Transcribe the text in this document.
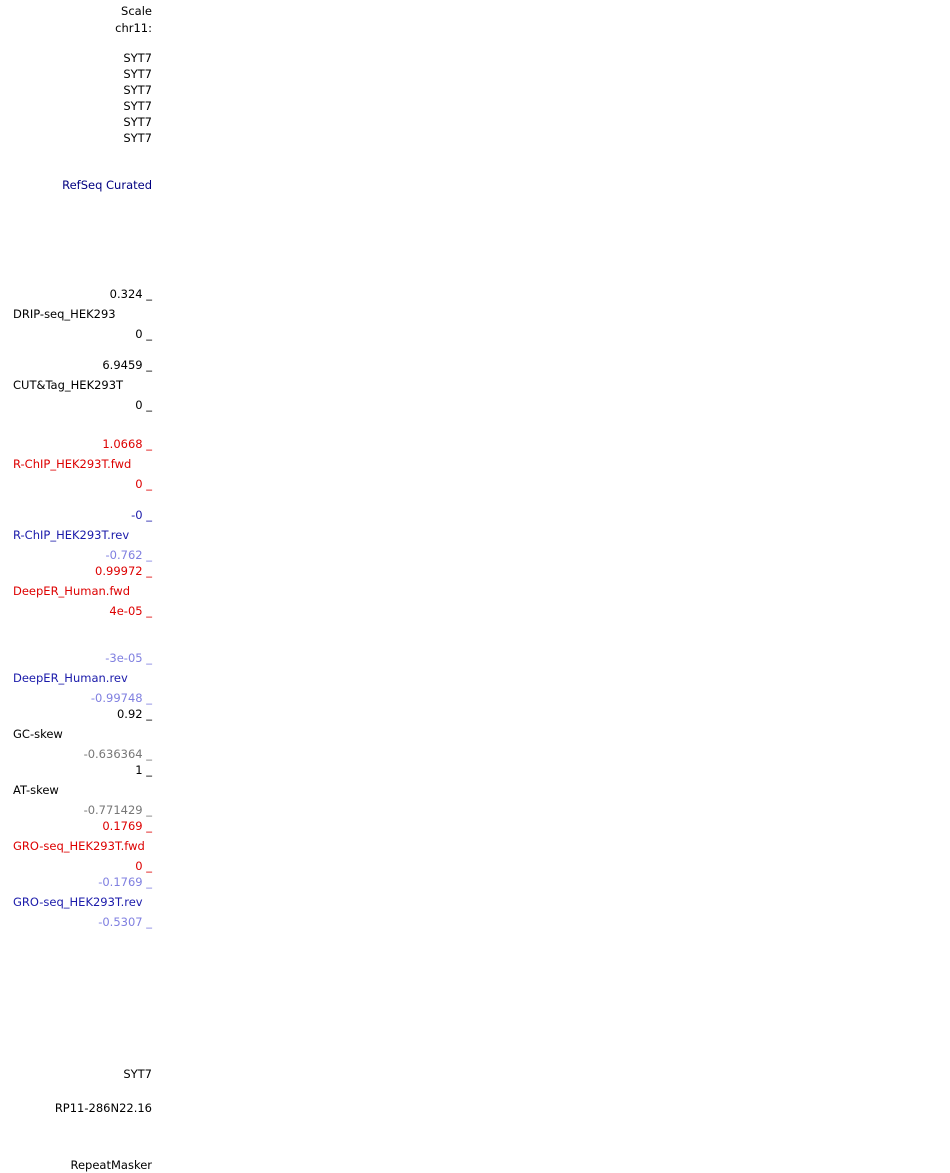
Scale
chr11:
SYT7
SYT7
SYT7
SYT7
SYT7
SYT7
RefSeq Curated
0.324 _
DRIP-seq_HEK293
0 _
6.9459 _
CUT&Tag_HEK293T
0 _
1.0668 _
R-ChIP_HEK293T.fwd
0 _
-0 _
R-ChIP_HEK293T.rev
-0.762 _
0.99972 _
DeepER_Human.fwd
4e-05 _
-3e-05 _
DeepER_Human.rev
-0.99748 _
0.92 _
GC-skew
-0.636364 _
1 _
AT-skew
-0.771429 _
0.1769 _
GRO-seq_HEK293T.fwd
0 _
-0.1769 _
GRO-seq_HEK293T.rev
-0.5307 _
SYT7
RP11-286N22.16
RepeatMasker
